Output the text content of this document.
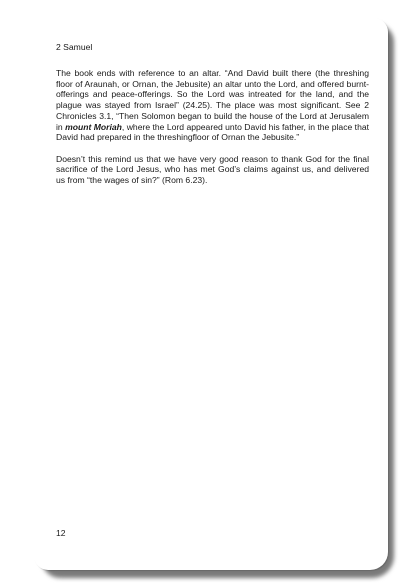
2 Samuel

The book ends with reference to an altar. “And David built there (the threshing floor of Araunah, or Ornan, the Jebusite) an altar unto the Lord, and offered burnt-offerings and peace-offerings. So the Lord was intreated for the land, and the plague was stayed from Israel” (24.25). The place was most significant. See 2 Chronicles 3.1, “Then Solomon began to build the house of the Lord at Jerusalem in mount Moriah, where the Lord appeared unto David his father, in the place that David had prepared in the threshingfloor of Ornan the Jebusite.”

Doesn’t this remind us that we have very good reason to thank God for the final sacrifice of the Lord Jesus, who has met God’s claims against us, and delivered us from “the wages of sin?” (Rom 6.23).

12
